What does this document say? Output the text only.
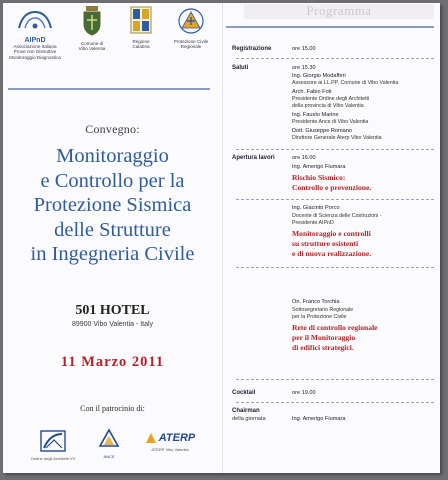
AIPnD
Associazione Italiana
Prove non Distruttive
Monitoraggio Diagnostica
Comune di
Vibo Valentia
Regione
Calabria
Protezione Civile
Regionale
Convegno:
Monitoraggio
e Controllo per la
Protezione Sismica
delle Strutture
in Ingegneria Civile
501 HOTEL
89900 Vibo Valentia - Italy
11 Marzo 2011
Con il patrocinio di:
Ordine degli Architetti VV	ANCE
ATERP
ATERP Vibo Valentia
Programma
Registrazione	ore 15.00
Saluti	ore 15.30
Ing. Giorgio Modafferi
Assessore ai LL.PP. Comune di Vibo Valentia
Arch. Fabio Foti
Presidente Ordine degli Architetti
della provincia di Vibo Valentia
Ing. Fausto Marine
Presidente Ance di Vibo Valentia
Dott. Giuseppe Romano
Direttore Generale Aterp Vibo Valentia
Apertura lavori	ore 16.00
Ing. Amerigo Fiumara
Rischio Sismico:
Controllo e prevenzione.
Ing. Giacinto Porco
Docente di Scienza delle Costruzioni -
Presidente AIPnD
Monitoraggio e controlli
su strutture esistenti
e di nuova realizzazione.
On. Franco Torchia
Sottosegretario Regionale
per la Protezione Civile
Rete di controllo regionale
per il Monitoraggio
di edifici strategici.
Cocktail	ore 19.00
Chairman
della giornata	Ing. Amerigo Fiumara
